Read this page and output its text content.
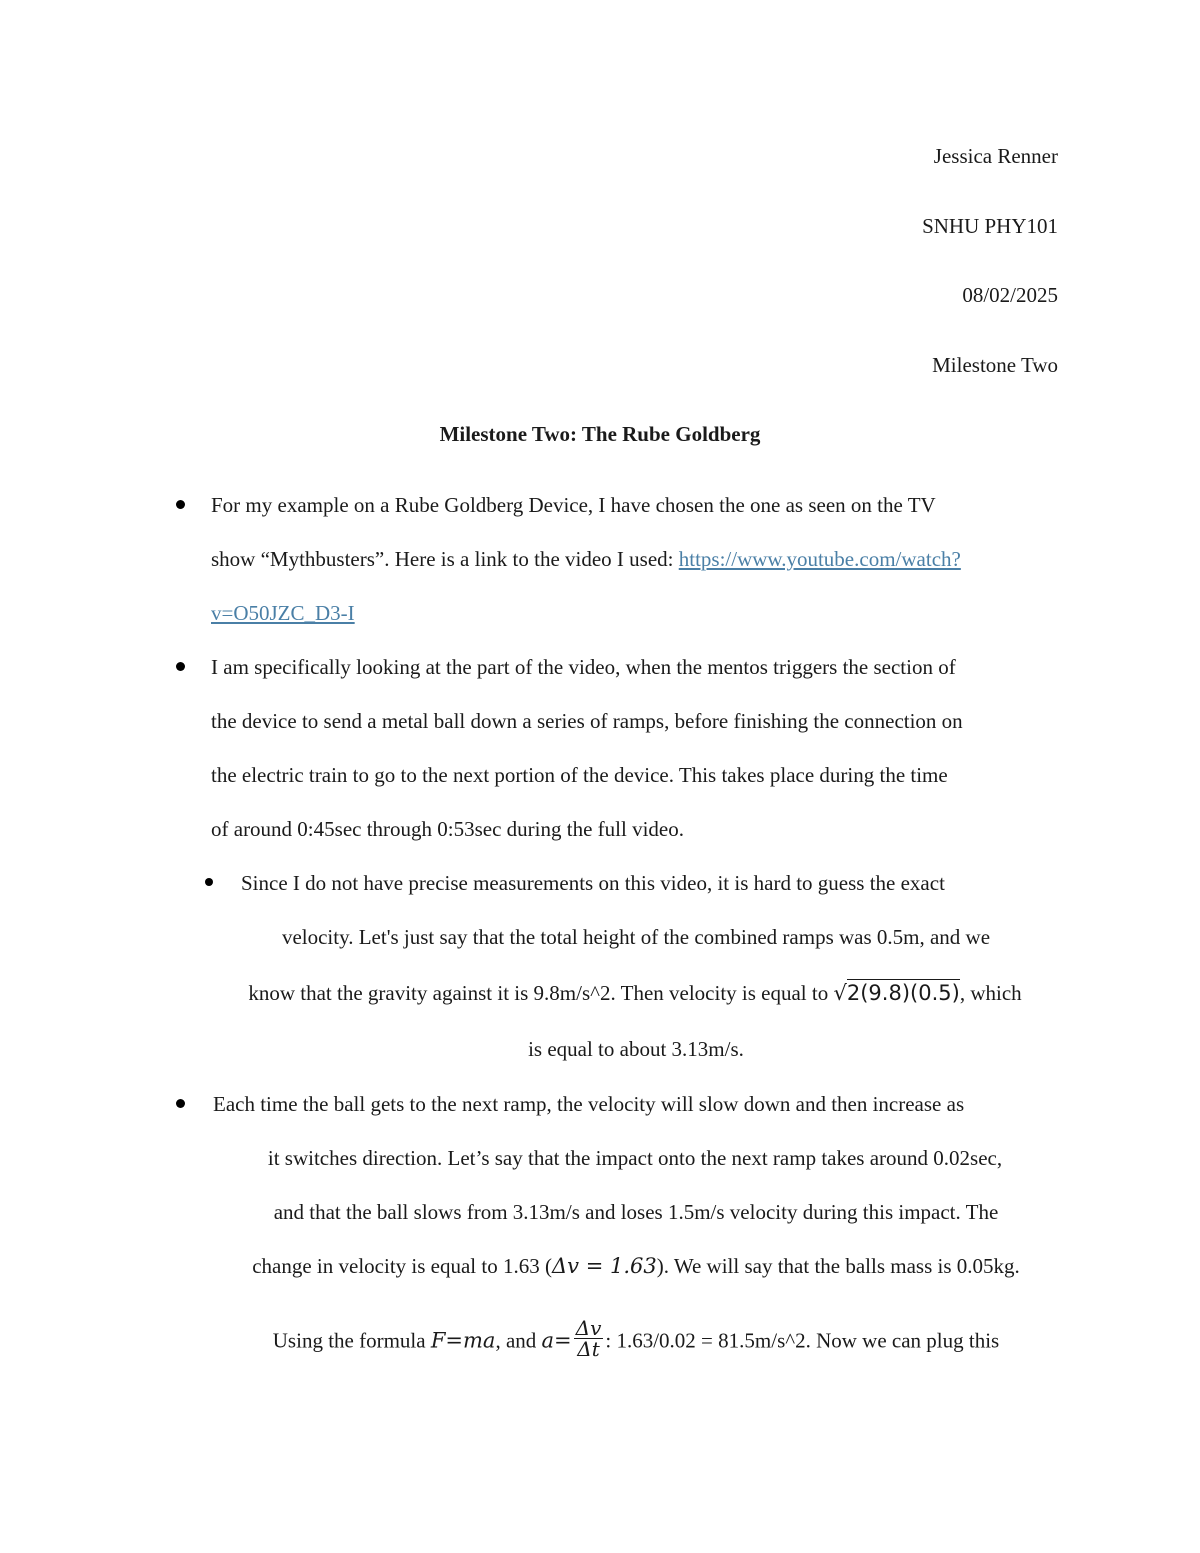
Jessica Renner
SNHU PHY101
08/02/2025
Milestone Two
Milestone Two: The Rube Goldberg
For my example on a Rube Goldberg Device, I have chosen the one as seen on the TV
show “Mythbusters”. Here is a link to the video I used: https://www.youtube.com/watch?
v=O50JZC_D3-I
I am specifically looking at the part of the video, when the mentos triggers the section of
the device to send a metal ball down a series of ramps, before finishing the connection on
the electric train to go to the next portion of the device. This takes place during the time
of around 0:45sec through 0:53sec during the full video.
Since I do not have precise measurements on this video, it is hard to guess the exact
velocity. Let's just say that the total height of the combined ramps was 0.5m, and we
know that the gravity against it is 9.8m/s^2. Then velocity is equal to √2(9.8)(0.5), which
is equal to about 3.13m/s.
Each time the ball gets to the next ramp, the velocity will slow down and then increase as
it switches direction. Let’s say that the impact onto the next ramp takes around 0.02sec,
and that the ball slows from 3.13m/s and loses 1.5m/s velocity during this impact. The
change in velocity is equal to 1.63 (Δ𝑣 = 1.63). We will say that the balls mass is 0.05kg.
Using the formula 𝐹=𝑚𝑎, and 𝑎= $\frac{\text{Δ𝑣}}{\text{Δ𝑡}}$ : 1.63/0.02 = 81.5m/s^2. Now we can plug this
